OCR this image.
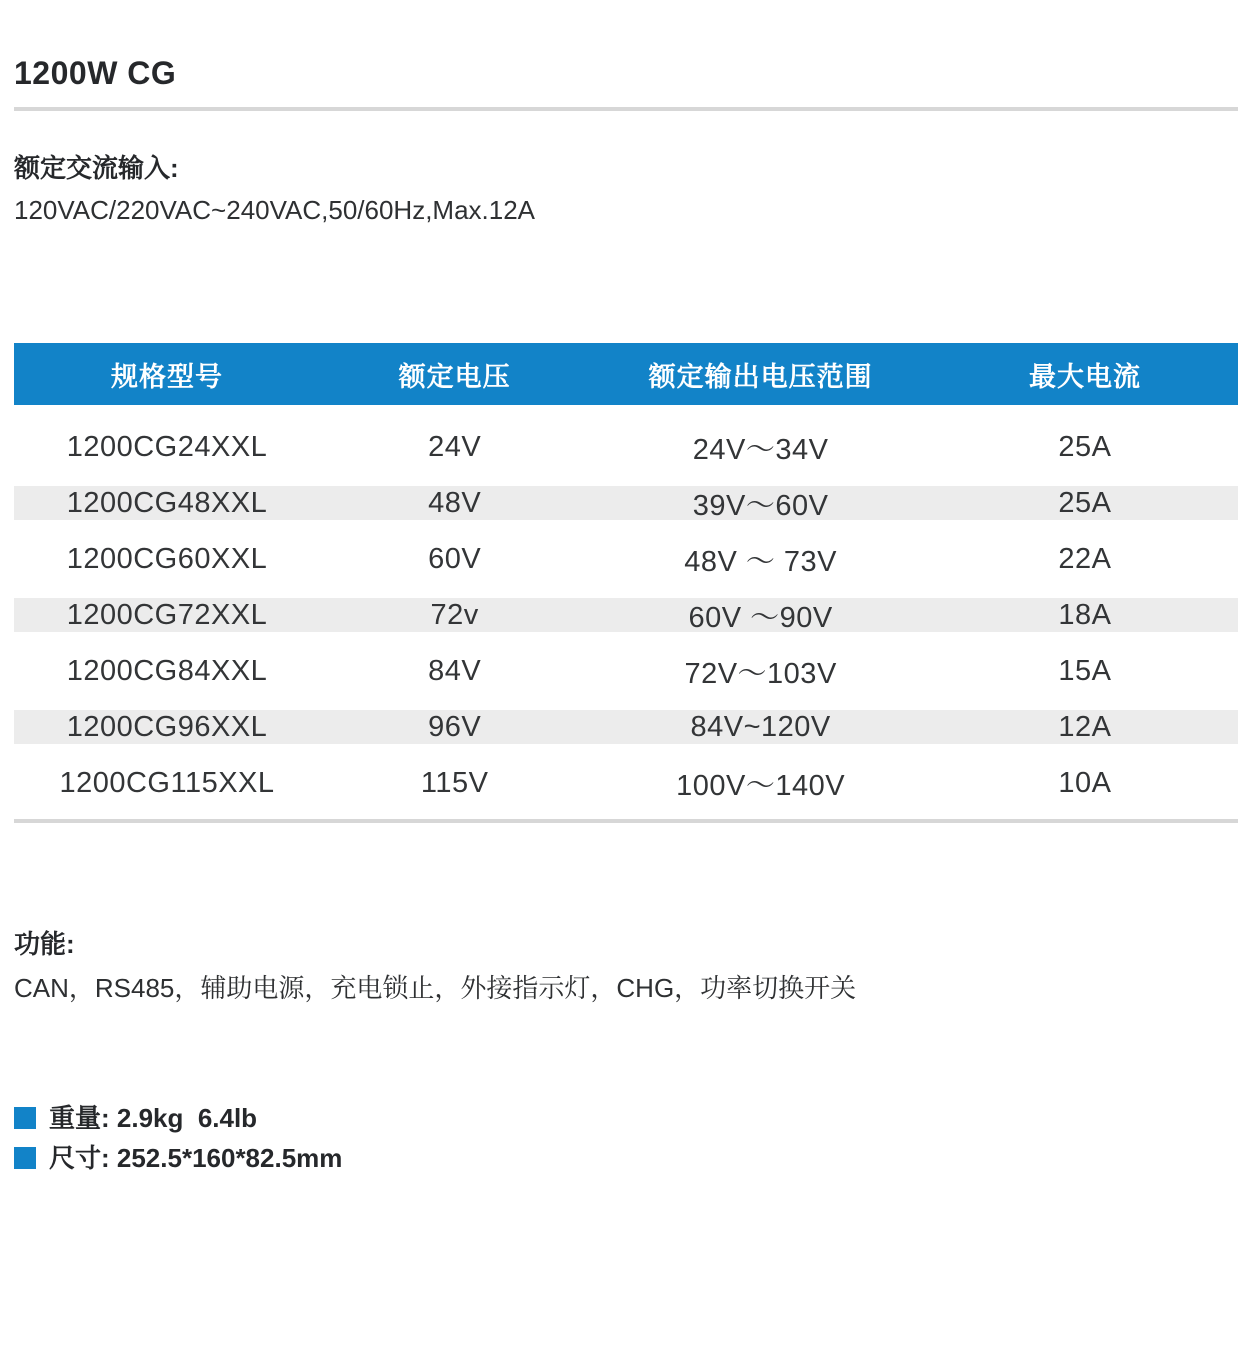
1200W CG
额定交流输入:
120VAC/220VAC~240VAC,50/60Hz,Max.12A
规格型号	额定电压	额定输出电压范围	最大电流
1200CG24XXL	24V	24V～34V	25A
1200CG48XXL	48V	39V～60V	25A
1200CG60XXL	60V	48V ～ 73V	22A
1200CG72XXL	72v	60V ～90V	18A
1200CG84XXL	84V	72V～103V	15A
1200CG96XXL	96V	84V~120V	12A
1200CG115XXL	115V	100V～140V	10A
功能:
CAN，RS485，辅助电源，充电锁止，外接指示灯，CHG，功率切换开关
重量: 2.9kg  6.4lb
尺寸: 252.5*160*82.5mm
